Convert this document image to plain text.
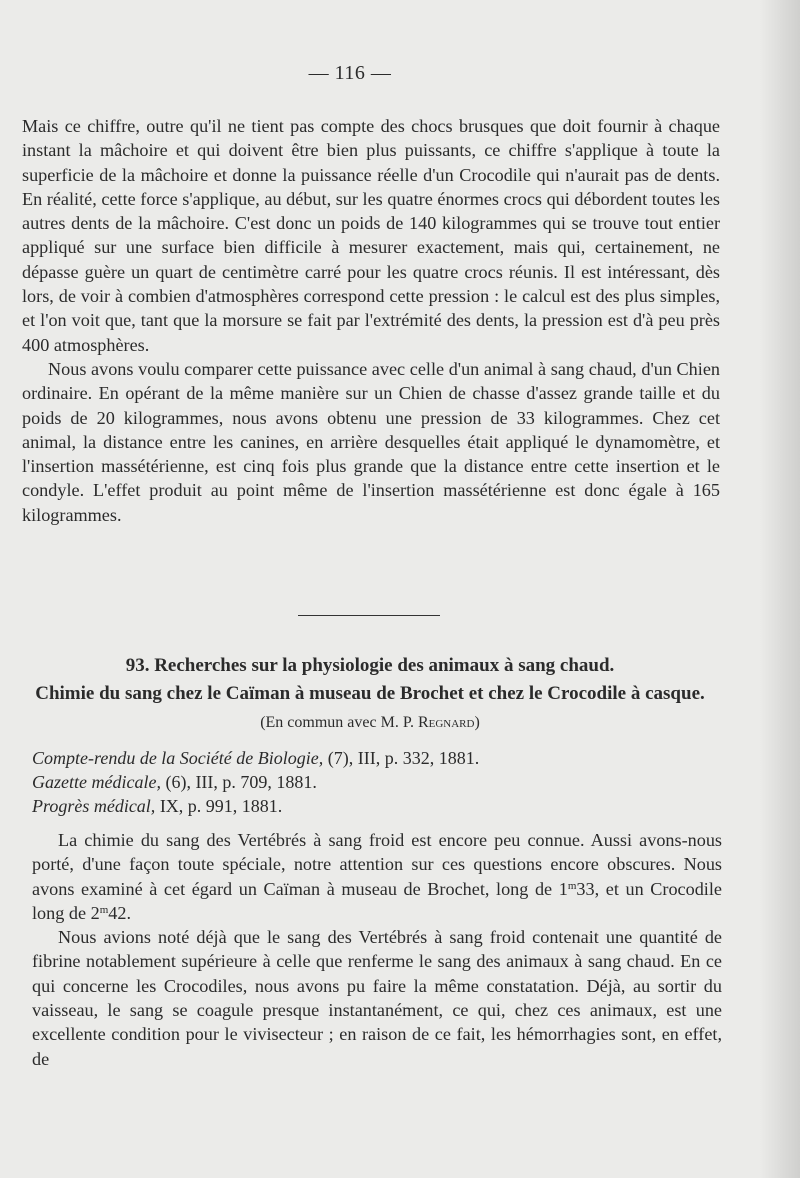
— 116 —

Mais ce chiffre, outre qu'il ne tient pas compte des chocs brusques que doit fournir à chaque instant la mâchoire et qui doivent être bien plus puissants, ce chiffre s'applique à toute la superficie de la mâchoire et donne la puissance réelle d'un Crocodile qui n'aurait pas de dents. En réalité, cette force s'applique, au début, sur les quatre énormes crocs qui débordent toutes les autres dents de la mâchoire. C'est donc un poids de 140 kilogrammes qui se trouve tout entier appliqué sur une surface bien difficile à mesurer exactement, mais qui, certainement, ne dépasse guère un quart de centimètre carré pour les quatre crocs réunis. Il est intéressant, dès lors, de voir à combien d'atmosphères correspond cette pression : le calcul est des plus simples, et l'on voit que, tant que la morsure se fait par l'extrémité des dents, la pression est d'à peu près 400 atmosphères.

Nous avons voulu comparer cette puissance avec celle d'un animal à sang chaud, d'un Chien ordinaire. En opérant de la même manière sur un Chien de chasse d'assez grande taille et du poids de 20 kilogrammes, nous avons obtenu une pression de 33 kilogrammes. Chez cet animal, la distance entre les canines, en arrière desquelles était appliqué le dynamomètre, et l'insertion massétérienne, est cinq fois plus grande que la distance entre cette insertion et le condyle. L'effet produit au point même de l'insertion massétérienne est donc égale à 165 kilogrammes.

93. Recherches sur la physiologie des animaux à sang chaud.
Chimie du sang chez le Caïman à museau de Brochet et chez le Crocodile à casque.
(En commun avec M. P. Regnard)
Compte-rendu de la Société de Biologie, (7), III, p. 332, 1881.
Gazette médicale, (6), III, p. 709, 1881.
Progrès médical, IX, p. 991, 1881.

La chimie du sang des Vertébrés à sang froid est encore peu connue. Aussi avons-nous porté, d'une façon toute spéciale, notre attention sur ces questions encore obscures. Nous avons examiné à cet égard un Caïman à museau de Brochet, long de 1$^m$33, et un Crocodile long de 2$^m$42.

Nous avions noté déjà que le sang des Vertébrés à sang froid contenait une quantité de fibrine notablement supérieure à celle que renferme le sang des animaux à sang chaud. En ce qui concerne les Crocodiles, nous avons pu faire la même constatation. Déjà, au sortir du vaisseau, le sang se coagule presque instantanément, ce qui, chez ces animaux, est une excellente condition pour le vivisecteur ; en raison de ce fait, les hémorrhagies sont, en effet, de
